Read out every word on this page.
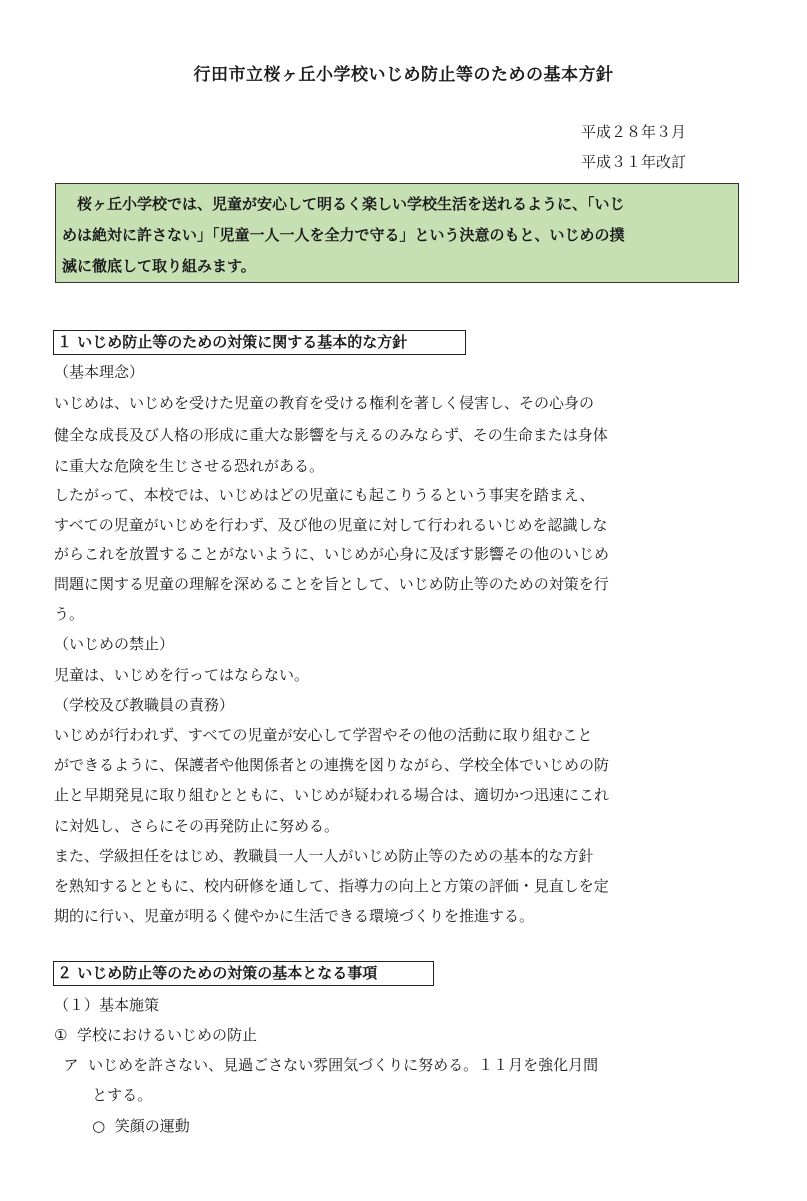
行田市立桜ヶ丘小学校いじめ防止等のための基本方針
平成２８年３月
平成３１年改訂

　桜ヶ丘小学校では、児童が安心して明るく楽しい学校生活を送れるように、「いじ

めは絶対に許さない」「児童一人一人を全力で守る」という決意のもと、いじめの撲

滅に徹底して取り組みます。

１ いじめ防止等のための対策に関する基本的な方針
（基本理念）
いじめは、いじめを受けた児童の教育を受ける権利を著しく侵害し、その心身の
健全な成長及び人格の形成に重大な影響を与えるのみならず、その生命または身体
に重大な危険を生じさせる恐れがある。
したがって、本校では、いじめはどの児童にも起こりうるという事実を踏まえ、
すべての児童がいじめを行わず、及び他の児童に対して行われるいじめを認識しな
がらこれを放置することがないように、いじめが心身に及ぼす影響その他のいじめ
問題に関する児童の理解を深めることを旨として、いじめ防止等のための対策を行
う。
（いじめの禁止）
児童は、いじめを行ってはならない。
（学校及び教職員の責務）
いじめが行われず、すべての児童が安心して学習やその他の活動に取り組むこと
ができるように、保護者や他関係者との連携を図りながら、学校全体でいじめの防
止と早期発見に取り組むとともに、いじめが疑われる場合は、適切かつ迅速にこれ
に対処し、さらにその再発防止に努める。
また、学級担任をはじめ、教職員一人一人がいじめ防止等のための基本的な方針
を熟知するとともに、校内研修を通して、指導力の向上と方策の評価・見直しを定
期的に行い、児童が明るく健やかに生活できる環境づくりを推進する。
２ いじめ防止等のための対策の基本となる事項
（１）基本施策
①  学校におけるいじめの防止
ア  いじめを許さない、見過ごさない雰囲気づくりに努める。１１月を強化月間
とする。
○  笑顔の運動
